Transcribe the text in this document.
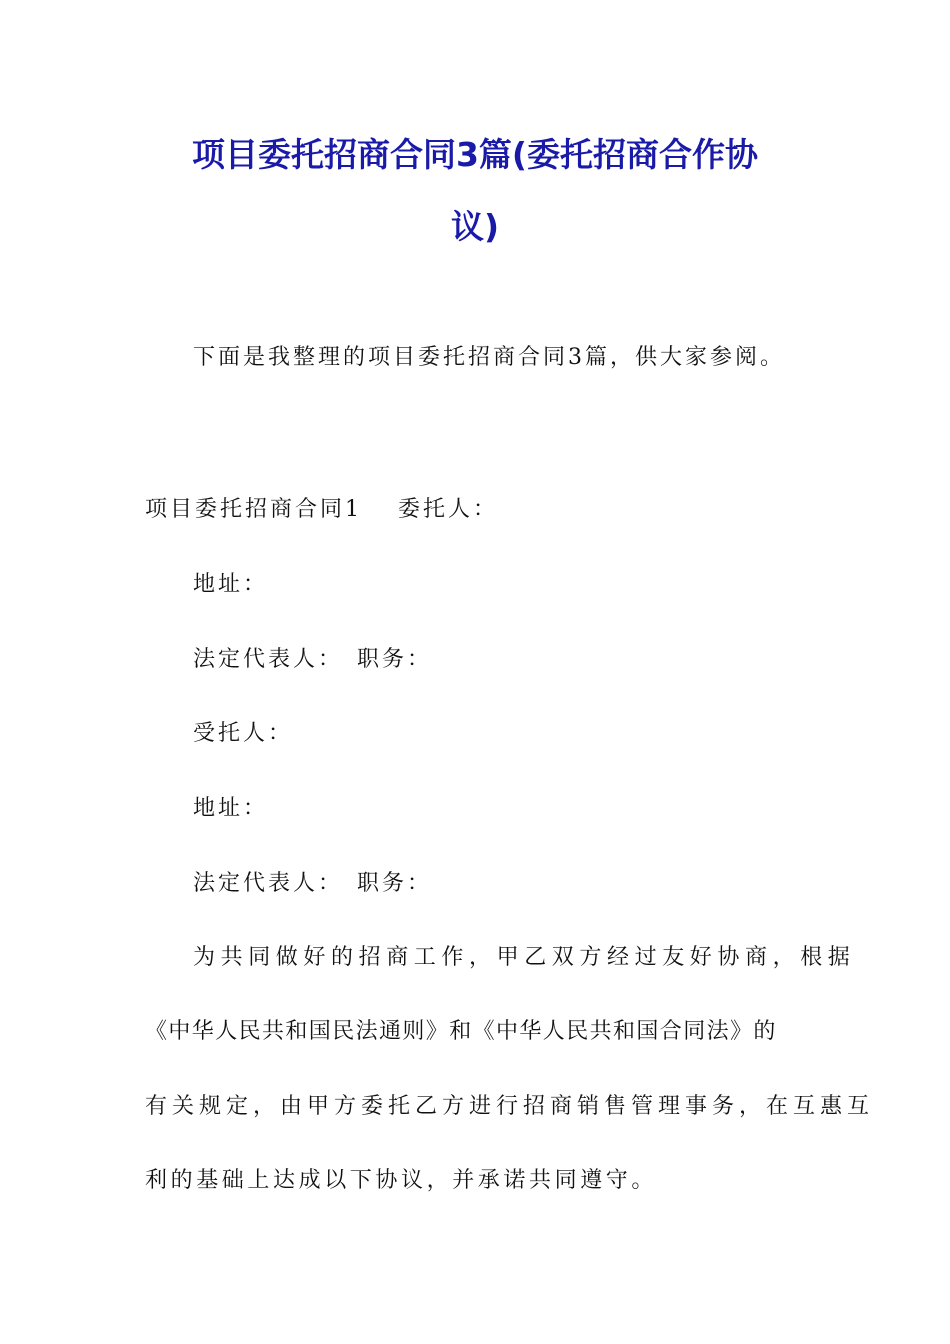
项目委托招商合同3篇(委托招商合作协
议)
下面是我整理的项目委托招商合同3篇，供大家参阅。
项目委托招商合同1 委托人：
地址：
法定代表人： 职务：
受托人：
地址：
法定代表人： 职务：
为共同做好的招商工作，甲乙双方经过友好协商，根据
《中华人民共和国民法通则》和《中华人民共和国合同法》的
有关规定，由甲方委托乙方进行招商销售管理事务，在互惠互
利的基础上达成以下协议，并承诺共同遵守。
